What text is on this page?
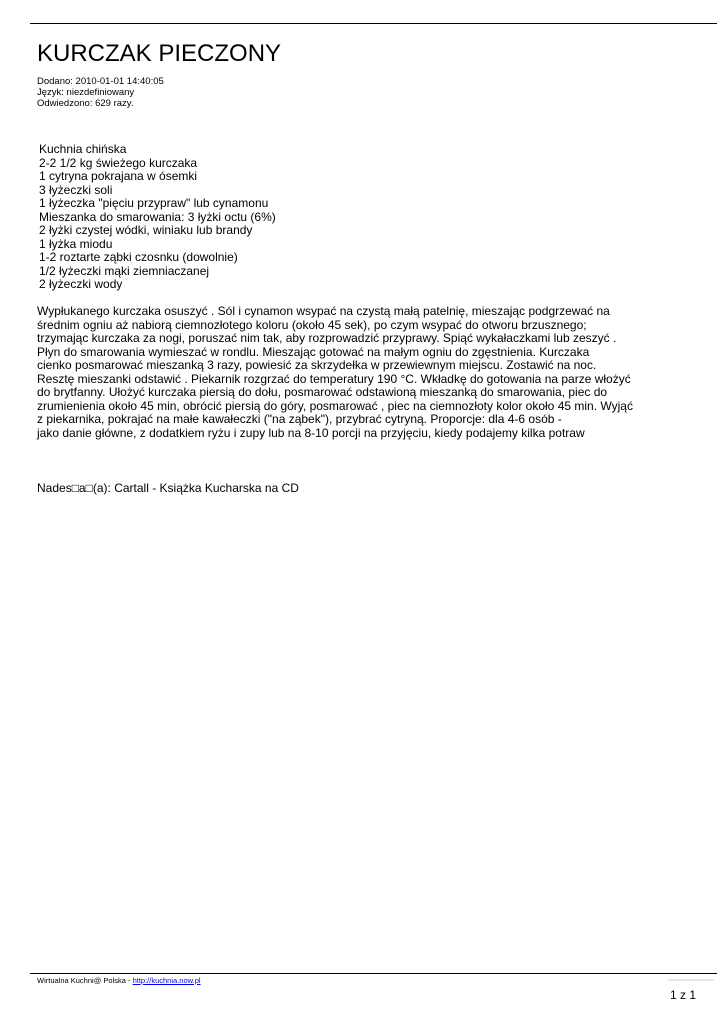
KURCZAK PIECZONY
Dodano: 2010-01-01 14:40:05
Język: niezdefiniowany
Odwiedzono: 629 razy.
Kuchnia chińska
2-2 1/2 kg świeżego kurczaka
1 cytryna pokrajana w ósemki
3 łyżeczki soli
1 łyżeczka "pięciu przypraw" lub cynamonu
Mieszanka do smarowania: 3 łyżki octu (6%)
2 łyżki czystej wódki, winiaku lub brandy
1 łyżka miodu
1-2 roztarte ząbki czosnku (dowolnie)
1/2 łyżeczki mąki ziemniaczanej
2 łyżeczki wody
Wypłukanego kurczaka osuszyć . Sól i cynamon wsypać na czystą małą patelnię, mieszając podgrzewać na
średnim ogniu aż nabiorą ciemnozłotego koloru (około 45 sek), po czym wsypać do otworu brzusznego;
trzymając kurczaka za nogi, poruszać nim tak, aby rozprowadzić przyprawy. Spiąć wykałaczkami lub zeszyć .
Płyn do smarowania wymieszać w rondlu. Mieszając gotować na małym ogniu do zgęstnienia. Kurczaka
cienko posmarować mieszanką 3 razy, powiesić za skrzydełka w przewiewnym miejscu. Zostawić na noc.
Resztę mieszanki odstawić . Piekarnik rozgrzać do temperatury 190 °C. Wkładkę do gotowania na parze włożyć
do brytfanny. Ułożyć kurczaka piersią do dołu, posmarować odstawioną mieszanką do smarowania, piec do
zrumienienia około 45 min, obrócić piersią do góry, posmarować , piec na ciemnozłoty kolor około 45 min. Wyjąć
z piekarnika, pokrajać na małe kawałeczki ("na ząbek"), przybrać cytryną. Proporcje: dla 4-6 osób -
jako danie główne, z dodatkiem ryżu i zupy lub na 8-10 porcji na przyjęciu, kiedy podajemy kilka potraw
Nades□a□(a): Cartall - Książka Kucharska na CD
Wirtualna Kuchni@ Polska - http://kuchnia.now.pl
1 z 1
